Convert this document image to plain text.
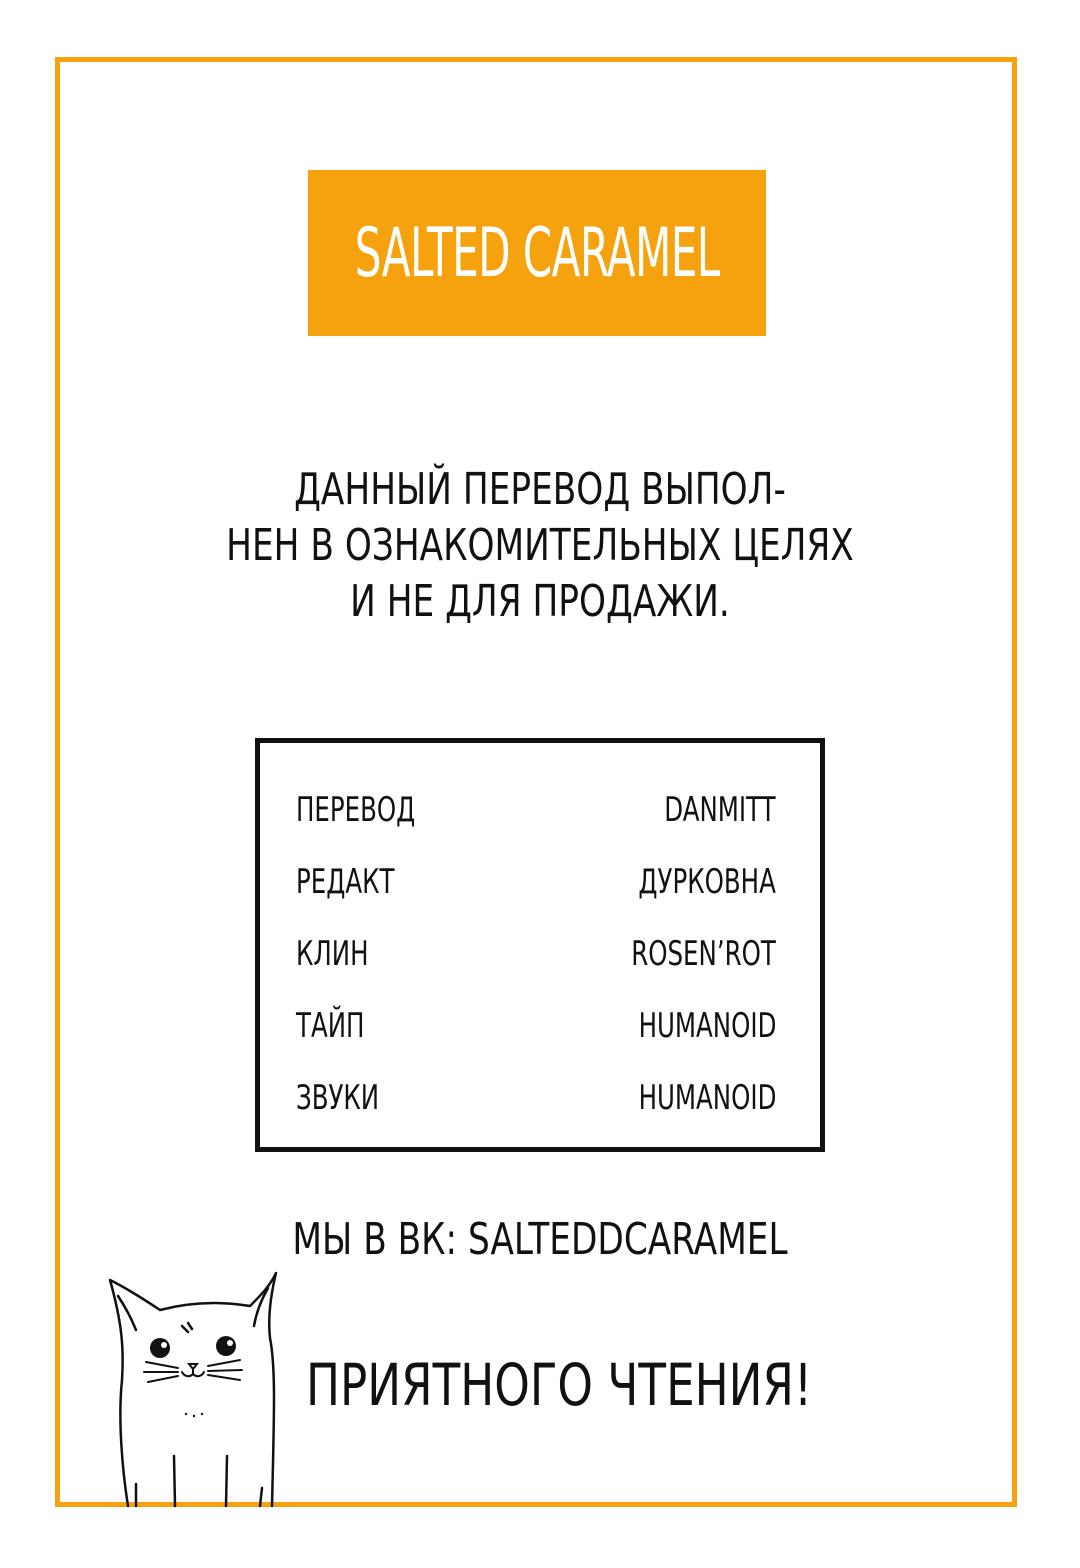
SALTED CARAMEL
ДАННЫЙ ПЕРЕВОД ВЫПОЛ-
НЕН В ОЗНАКОМИТЕЛЬНЫХ ЦЕЛЯХ
И НЕ ДЛЯ ПРОДАЖИ.
ПЕРЕВОД	DANMITT
РЕДАКТ	ДУРКОВНА
КЛИН	ROSEN’ROT
ТАЙП	HUMANOID
ЗВУКИ	HUMANOID
МЫ В ВК: SALTEDDCARAMEL
ПРИЯТНОГО ЧТЕНИЯ!
